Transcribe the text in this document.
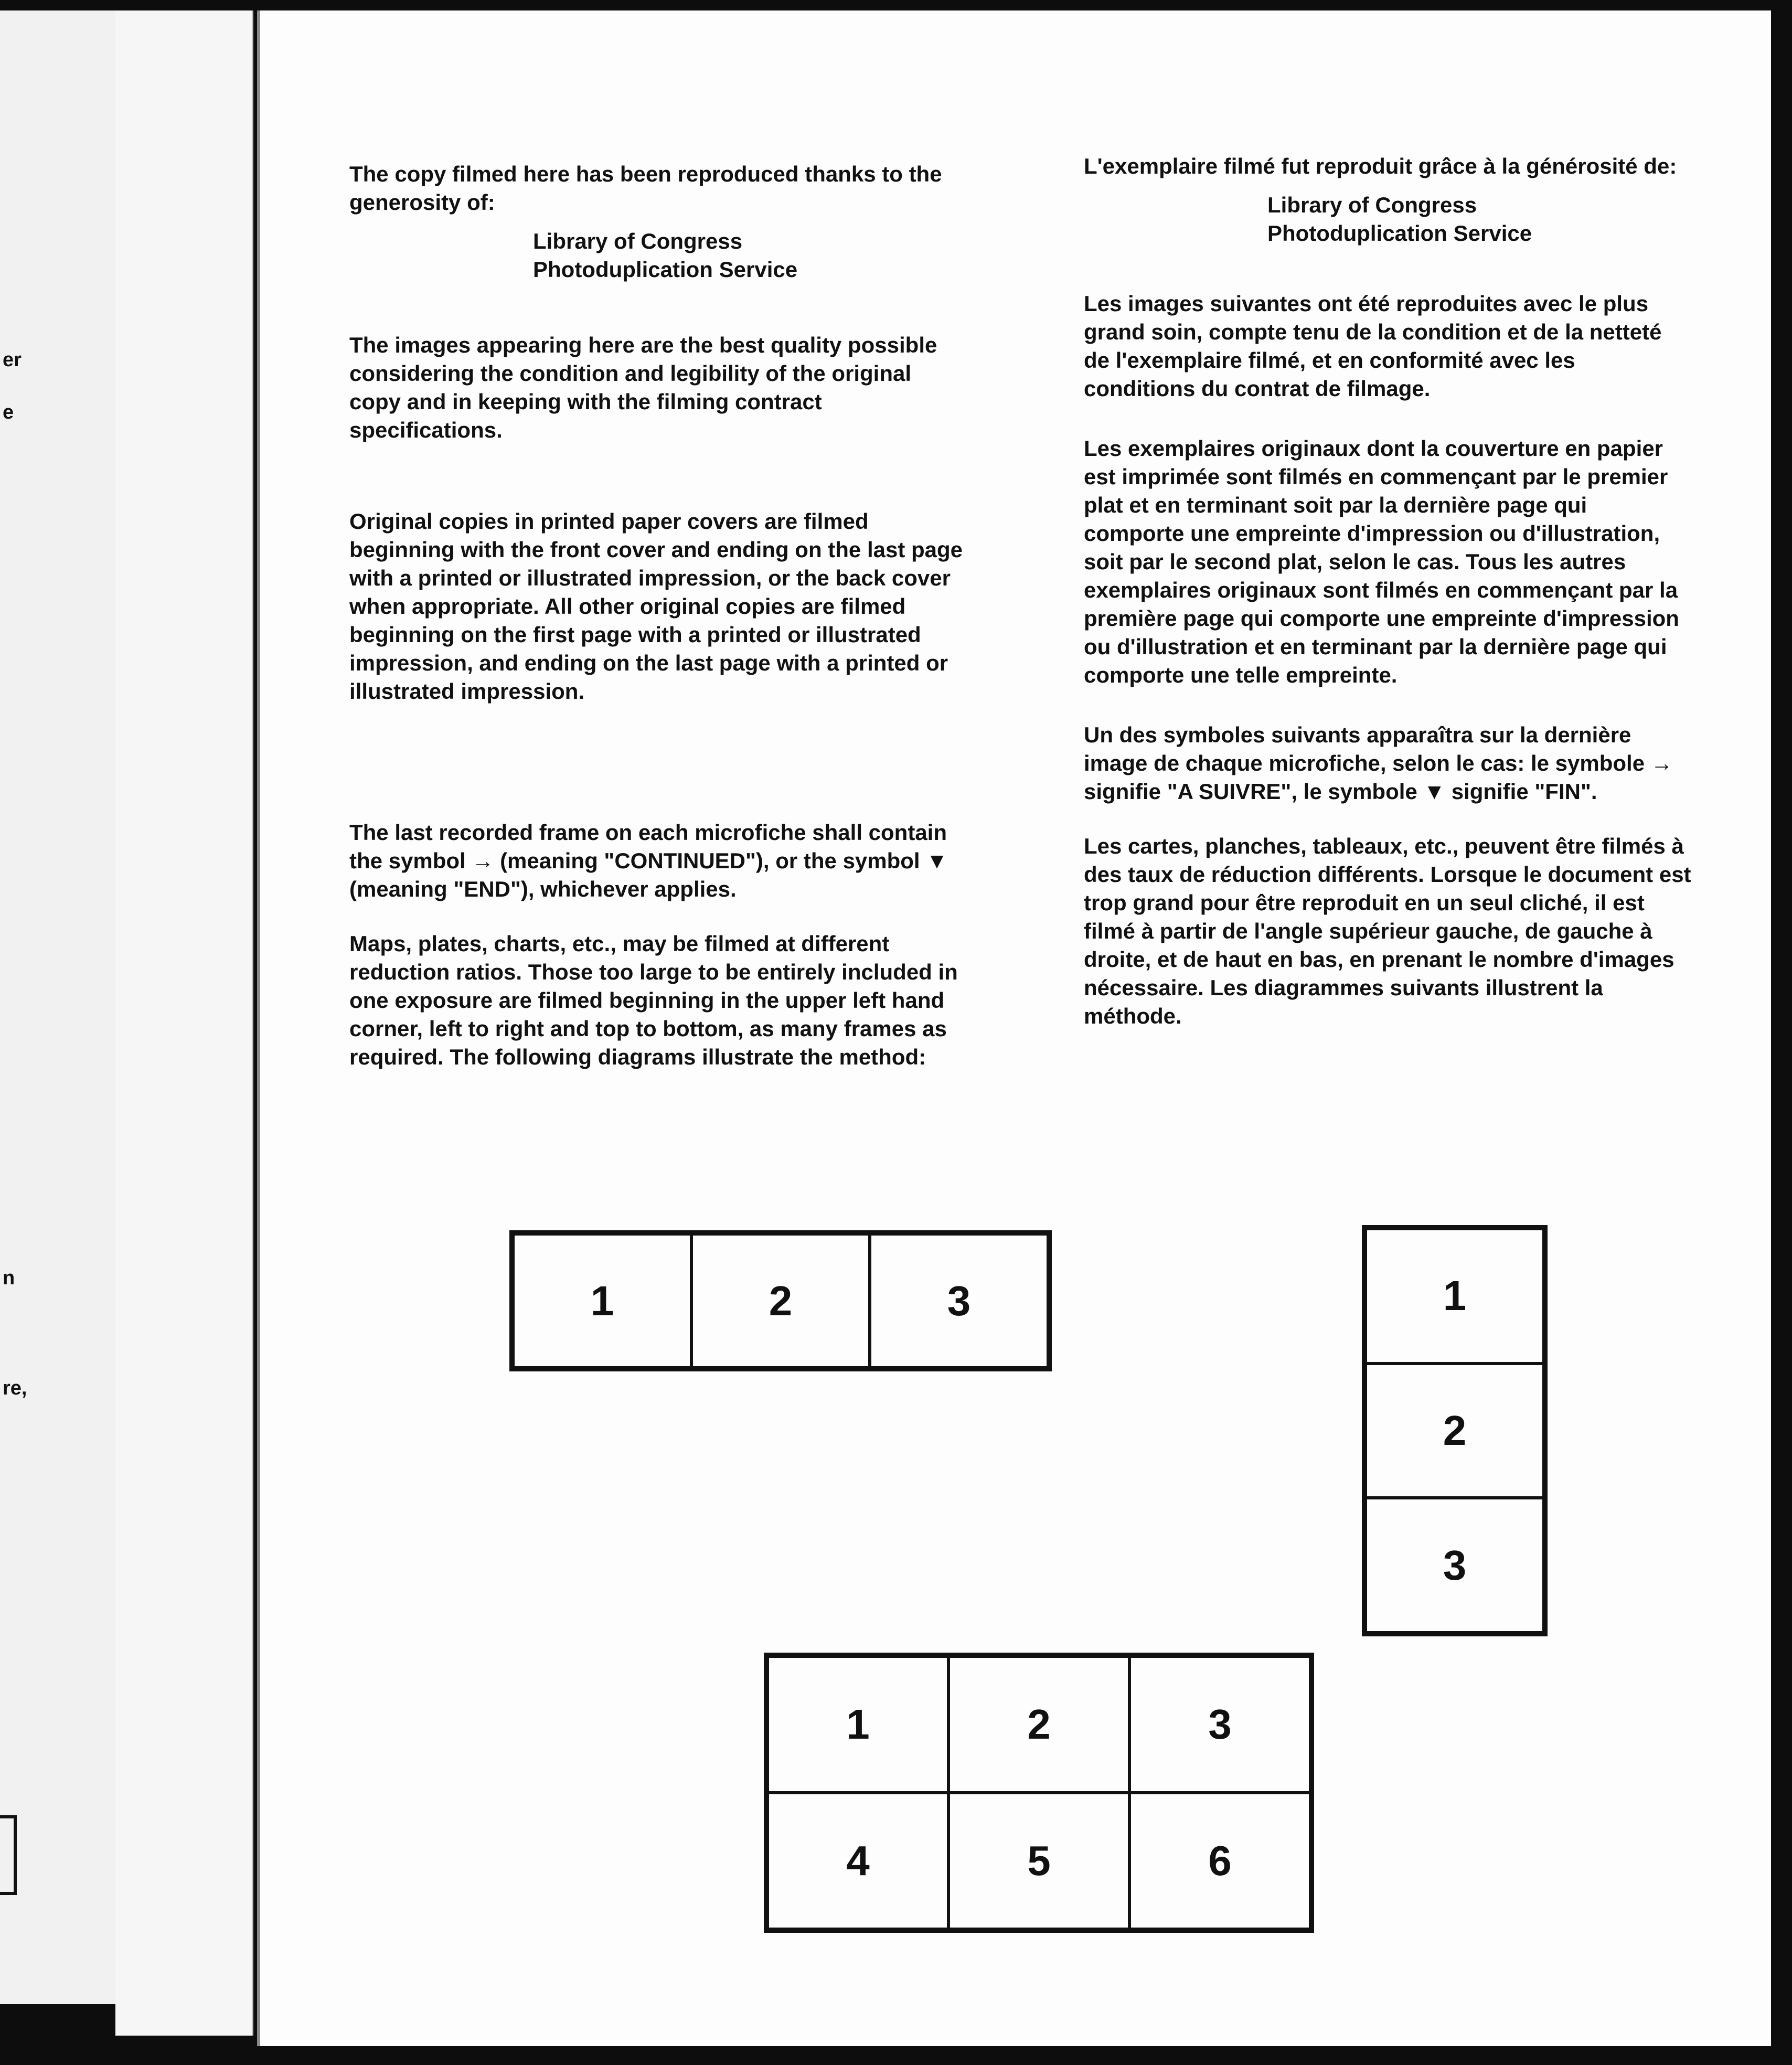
er
e
n
re,

The copy filmed here has been reproduced thanks to the generosity of:

Library of Congress
Photoduplication Service

The images appearing here are the best quality possible considering the condition and legibility of the original copy and in keeping with the filming contract specifications.

Original copies in printed paper covers are filmed beginning with the front cover and ending on the last page with a printed or illustrated impression, or the back cover when appropriate. All other original copies are filmed beginning on the first page with a printed or illustrated impression, and ending on the last page with a printed or illustrated impression.

The last recorded frame on each microfiche shall contain the symbol → (meaning "CONTINUED"), or the symbol ▼ (meaning "END"), whichever applies.

Maps, plates, charts, etc., may be filmed at different reduction ratios. Those too large to be entirely included in one exposure are filmed beginning in the upper left hand corner, left to right and top to bottom, as many frames as required. The following diagrams illustrate the method:

L'exemplaire filmé fut reproduit grâce à la générosité de:

Library of Congress
Photoduplication Service

Les images suivantes ont été reproduites avec le plus grand soin, compte tenu de la condition et de la netteté de l'exemplaire filmé, et en conformité avec les conditions du contrat de filmage.

Les exemplaires originaux dont la couverture en papier est imprimée sont filmés en commençant par le premier plat et en terminant soit par la dernière page qui comporte une empreinte d'impression ou d'illustration, soit par le second plat, selon le cas. Tous les autres exemplaires originaux sont filmés en commençant par la première page qui comporte une empreinte d'impression ou d'illustration et en terminant par la dernière page qui comporte une telle empreinte.

Un des symboles suivants apparaîtra sur la dernière image de chaque microfiche, selon le cas: le symbole → signifie "A SUIVRE", le symbole ▼ signifie "FIN".

Les cartes, planches, tableaux, etc., peuvent être filmés à des taux de réduction différents. Lorsque le document est trop grand pour être reproduit en un seul cliché, il est filmé à partir de l'angle supérieur gauche, de gauche à droite, et de haut en bas, en prenant le nombre d'images nécessaire. Les diagrammes suivants illustrent la méthode.

1	2	3	1
2
3
1	2	3
4	5	6
